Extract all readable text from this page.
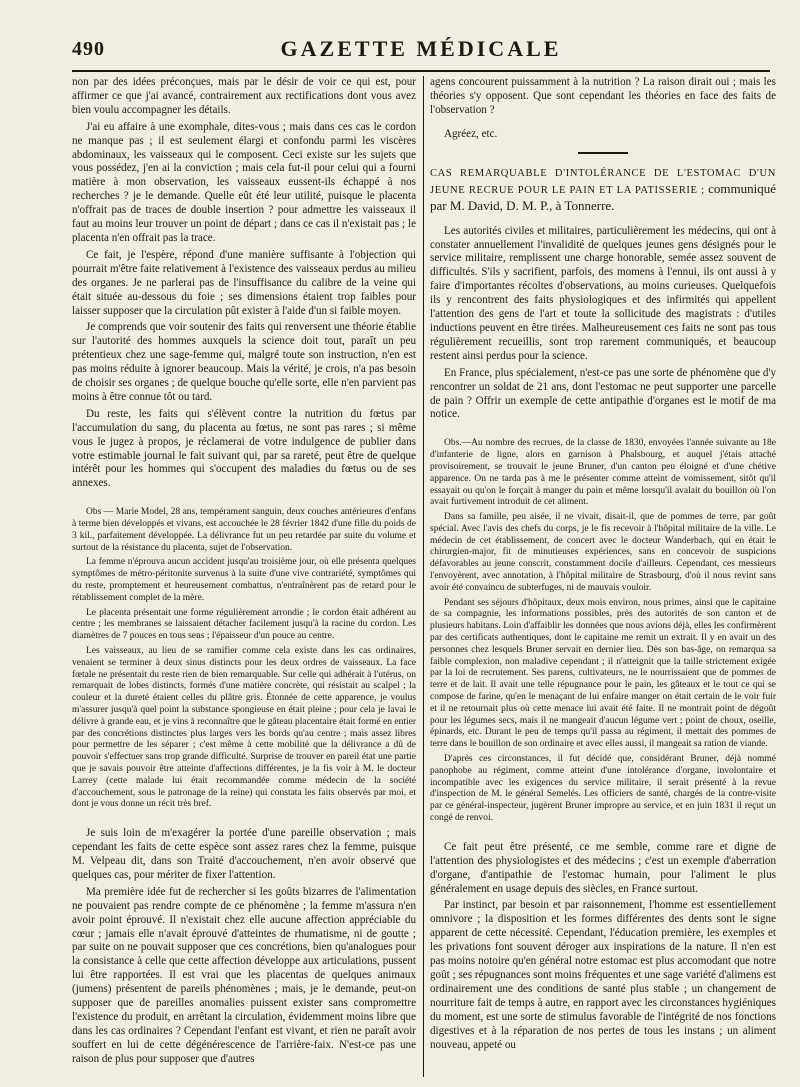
490	GAZETTE MÉDICALE

non par des idées préconçues, mais par le désir de voir ce qui est, pour affirmer ce que j'ai avancé, contrairement aux rectifications dont vous avez bien voulu accompagner les détails.

J'ai eu affaire à une exomphale, dites-vous ; mais dans ces cas le cordon ne manque pas ; il est seulement élargi et confondu parmi les viscères abdominaux, les vaisseaux qui le composent. Ceci existe sur les sujets que vous possédez, j'en ai la conviction ; mais cela fut-il pour celui qui a fourni matière à mon observation, les vaisseaux eussent-ils échappé à nos recherches ? je le demande. Quelle eût été leur utilité, puisque le placenta n'offrait pas de traces de double insertion ? pour admettre les vaisseaux il faut au moins leur trouver un point de départ ; dans ce cas il n'existait pas ; le placenta n'en offrait pas la trace.

Ce fait, je l'espère, répond d'une manière suffisante à l'objection qui pourrait m'être faite relativement à l'existence des vaisseaux perdus au milieu des organes. Je ne parlerai pas de l'insuffisance du calibre de la veine qui était située au-dessous du foie ; ses dimensions étaient trop faibles pour laisser supposer que la circulation pût exister à l'aide d'un si faible moyen.

Je comprends que voir soutenir des faits qui renversent une théorie établie sur l'autorité des hommes auxquels la science doit tout, paraît un peu prétentieux chez une sage-femme qui, malgré toute son instruction, n'en est pas moins réduite à ignorer beaucoup. Mais la vérité, je crois, n'a pas besoin de choisir ses organes ; de quelque bouche qu'elle sorte, elle n'en parvient pas moins à être connue tôt ou tard.

Du reste, les faits qui s'élèvent contre la nutrition du fœtus par l'accumulation du sang, du placenta au fœtus, ne sont pas rares ; si même vous le jugez à propos, je réclamerai de votre indulgence de publier dans votre estimable journal le fait suivant qui, par sa rareté, peut être de quelque intérêt pour les hommes qui s'occupent des maladies du fœtus ou de ses annexes.

Obs — Marie Model, 28 ans, tempérament sanguin, deux couches antérieures d'enfans à terme bien développés et vivans, est accouchée le 28 février 1842 d'une fille du poids de 3 kil., parfaitement développée. La délivrance fut un peu retardée par suite du volume et surtout de la résistance du placenta, sujet de l'observation.

La femme n'éprouva aucun accident jusqu'au troisième jour, où elle présenta quelques symptômes de métro-péritonite survenus à la suite d'une vive contrariété, symptômes qui du reste, promptement et heureusement combattus, n'entraînèrent pas de retard pour le rétablissement complet de la mère.

Le placenta présentait une forme régulièrement arrondie ; le cordon était adhérent au centre ; les membranes se laissaient détacher facilement jusqu'à la racine du cordon. Les diamètres de 7 pouces en tous sens ; l'épaisseur d'un pouce au centre.

Les vaisseaux, au lieu de se ramifier comme cela existe dans les cas ordinaires, venaient se terminer à deux sinus distincts pour les deux ordres de vaisseaux. La face fœtale ne présentait du reste rien de bien remarquable. Sur celle qui adhérait à l'utérus, on remarquait de lobes distincts, formés d'une matière concrète, qui résistait au scalpel ; la couleur et la dureté étaient celles du plâtre gris. Étonnée de cette apparence, je voulus m'assurer jusqu'à quel point la substance spongieuse en était pleine ; pour cela je lavai le délivre à grande eau, et je vins à reconnaître que le gâteau placentaire était formé en entier par des concrétions distinctes plus larges vers les bords qu'au centre ; mais assez libres pour permettre de les séparer ; c'est même à cette mobilité que la délivrance a dû de pouvoir s'effectuer sans trop grande difficulté. Surprise de trouver en pareil état une partie que je savais pouvoir être atteinte d'affections différentes, je la fis voir à M. le docteur Larrey (cette malade lui était recommandée comme médecin de la société d'accouchement, sous le patronage de la reine) qui constata les faits observés par moi, et dont je vous donne un récit très bref.

Je suis loin de m'exagérer la portée d'une pareille observation ; mais cependant les faits de cette espèce sont assez rares chez la femme, puisque M. Velpeau dit, dans son Traité d'accouchement, n'en avoir observé que quelques cas, pour mériter de fixer l'attention.

Ma première idée fut de rechercher si les goûts bizarres de l'alimentation ne pouvaient pas rendre compte de ce phénomène ; la femme m'assura n'en avoir point éprouvé. Il n'existait chez elle aucune affection appréciable du cœur ; jamais elle n'avait éprouvé d'atteintes de rhumatisme, ni de goutte ; par suite on ne pouvait supposer que ces concrétions, bien qu'analogues pour la consistance à celle que cette affection développe aux articulations, pussent lui être rapportées. Il est vrai que les placentas de quelques animaux (jumens) présentent de pareils phénomènes ; mais, je le demande, peut-on supposer que de pareilles anomalies puissent exister sans compromettre l'existence du produit, en arrêtant la circulation, évidemment moins libre que dans les cas ordinaires ? Cependant l'enfant est vivant, et rien ne paraît avoir souffert en lui de cette dégénérescence de l'arrière-faix. N'est-ce pas une raison de plus pour supposer que d'autres

agens concourent puissamment à la nutrition ? La raison dirait oui ; mais les théories s'y opposent. Que sont cependant les théories en face des faits de l'observation ?

Agréez, etc.

CAS REMARQUABLE D'INTOLÉRANCE DE L'ESTOMAC D'UN JEUNE RECRUE POUR LE PAIN ET LA PATISSERIE ; communiqué par M. David, D. M. P., à Tonnerre.

Les autorités civiles et militaires, particulièrement les médecins, qui ont à constater annuellement l'invalidité de quelques jeunes gens désignés pour le service militaire, remplissent une charge honorable, semée assez souvent de difficultés. S'ils y sacrifient, parfois, des momens à l'ennui, ils ont aussi à y faire d'importantes récoltes d'observations, au moins curieuses. Quelquefois ils y rencontrent des faits physiologiques et des infirmités qui appellent l'attention des gens de l'art et toute la sollicitude des magistrats : d'utiles inductions peuvent en être tirées. Malheureusement ces faits ne sont pas tous régulièrement recueillis, sont trop rarement communiqués, et beaucoup restent ainsi perdus pour la science.

En France, plus spécialement, n'est-ce pas une sorte de phénomène que d'y rencontrer un soldat de 21 ans, dont l'estomac ne peut supporter une parcelle de pain ? Offrir un exemple de cette antipathie d'organes est le motif de ma notice.

Obs.—Au nombre des recrues, de la classe de 1830, envoyées l'année suivante au 18e d'infanterie de ligne, alors en garnison à Phalsbourg, et auquel j'étais attaché provisoirement, se trouvait le jeune Bruner, d'un canton peu éloigné et d'une chétive apparence. On ne tarda pas à me le présenter comme atteint de vomissement, sitôt qu'il essayait ou qu'on le forçait à manger du pain et même lorsqu'il avalait du bouillon où l'on avait furtivement introduit de cet aliment.

Dans sa famille, peu aisée, il ne vivait, disait-il, que de pommes de terre, par goût spécial. Avec l'avis des chefs du corps, je le fis recevoir à l'hôpital militaire de la ville. Le médecin de cet établissement, de concert avec le docteur Wanderbach, qui en était le chirurgien-major, fit de minutieuses expériences, sans en concevoir de suspicions défavorables au jeune conscrit, constamment docile d'ailleurs. Cependant, ces messieurs l'envoyèrent, avec annotation, à l'hôpital militaire de Strasbourg, d'où il nous revint sans avoir été convaincu de subterfuges, ni de mauvais vouloir.

Pendant ses séjours d'hôpitaux, deux mois environ, nous primes, ainsi que le capitaine de sa compagnie, les informations possibles, près des autorités de son canton et de plusieurs habitans. Loin d'affaiblir les données que nous avions déjà, elles les confirmèrent par des certificats authentiques, dont le capitaine me remit un extrait. Il y en avait un des personnes chez lesquels Bruner servait en dernier lieu. Dès son bas-âge, on remarqua sa faible complexion, non maladive cependant ; il n'atteignit que la taille strictement exigée par la loi de recrutement. Ses parens, cultivateurs, ne le nourrissaient que de pommes de terre et de lait. Il avait une telle répugnance pour le pain, les gâteaux et le tout ce qui se compose de farine, qu'en le menaçant de lui enfaire manger on était certain de le voir fuir et il ne retournait plus où cette menace lui avait été faite. Il ne montrait point de dégoût pour les légumes secs, mais il ne mangeait d'aucun légume vert ; point de choux, oseille, épinards, etc. Durant le peu de temps qu'il passa au régiment, il mettait des pommes de terre dans le bouillon de son ordinaire et avec elles aussi, il mangeait sa ration de viande.

D'après ces circonstances, il fut décidé que, considérant Bruner, déjà nommé panophobe au régiment, comme atteint d'une intolérance d'organe, involontaire et incompatible avec les exigences du service militaire, il serait présenté à la revue d'inspection de M. le général Semelés. Les officiers de santé, chargés de la contre-visite par ce général-inspecteur, jugèrent Bruner impropre au service, et en juin 1831 il reçut un congé de renvoi.

Ce fait peut être présenté, ce me semble, comme rare et digne de l'attention des physiologistes et des médecins ; c'est un exemple d'aberration d'organe, d'antipathie de l'estomac humain, pour l'aliment le plus généralement en usage depuis des siècles, en France surtout.

Par instinct, par besoin et par raisonnement, l'homme est essentiellement omnivore ; la disposition et les formes différentes des dents sont le signe apparent de cette nécessité. Cependant, l'éducation première, les exemples et les privations font souvent déroger aux inspirations de la nature. Il n'en est pas moins notoire qu'en général notre estomac est plus accomodant que notre goût ; ses répugnances sont moins fréquentes et une sage variété d'alimens est ordinairement une des conditions de santé plus stable ; un changement de nourriture fait de temps à autre, en rapport avec les circonstances hygiéniques du moment, est une sorte de stimulus favorable de l'intégrité de nos fonctions digestives et à la réparation de nos pertes de tous les instans ; un aliment nouveau, appeté ou
